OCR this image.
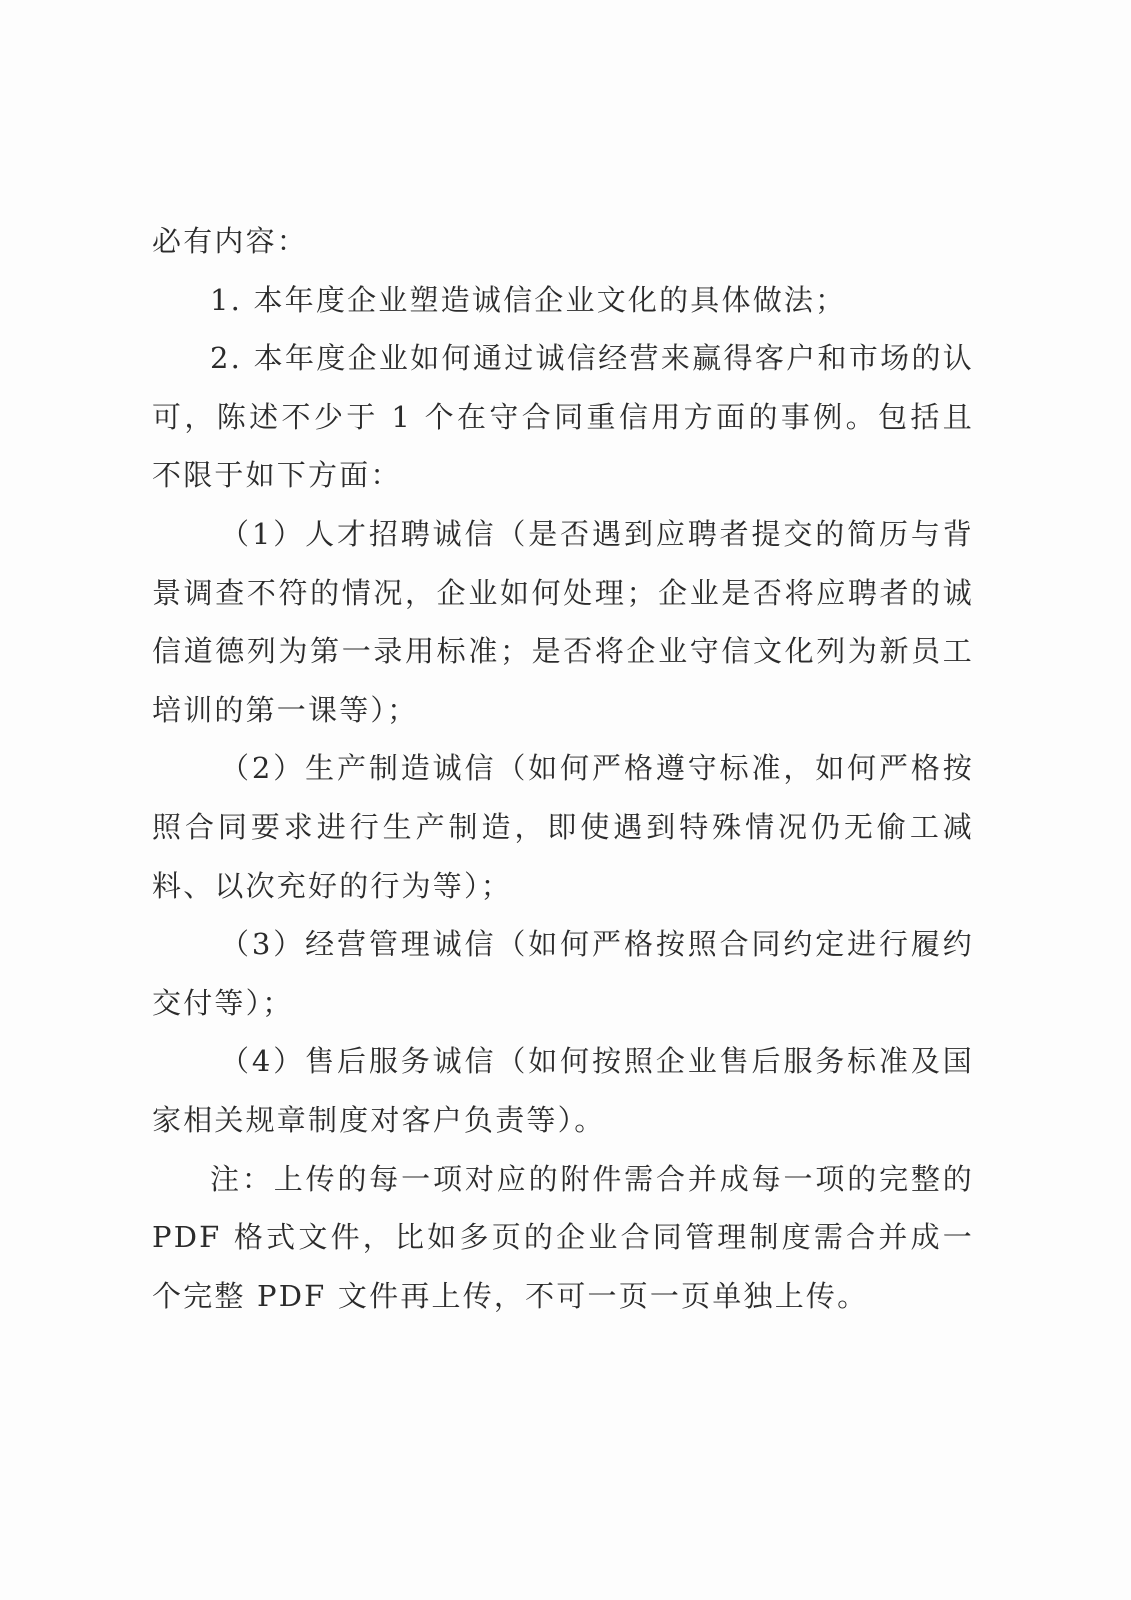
必有内容：

1. 本年度企业塑造诚信企业文化的具体做法；

2. 本年度企业如何通过诚信经营来赢得客户和市场的认可，陈述不少于 1 个在守合同重信用方面的事例。包括且不限于如下方面：

（1）人才招聘诚信（是否遇到应聘者提交的简历与背景调查不符的情况，企业如何处理；企业是否将应聘者的诚信道德列为第一录用标准；是否将企业守信文化列为新员工培训的第一课等）；

（2）生产制造诚信（如何严格遵守标准，如何严格按照合同要求进行生产制造，即使遇到特殊情况仍无偷工减料、以次充好的行为等）；

（3）经营管理诚信（如何严格按照合同约定进行履约交付等）；

（4）售后服务诚信（如何按照企业售后服务标准及国家相关规章制度对客户负责等）。

注：上传的每一项对应的附件需合并成每一项的完整的 PDF 格式文件，比如多页的企业合同管理制度需合并成一个完整 PDF 文件再上传，不可一页一页单独上传。
